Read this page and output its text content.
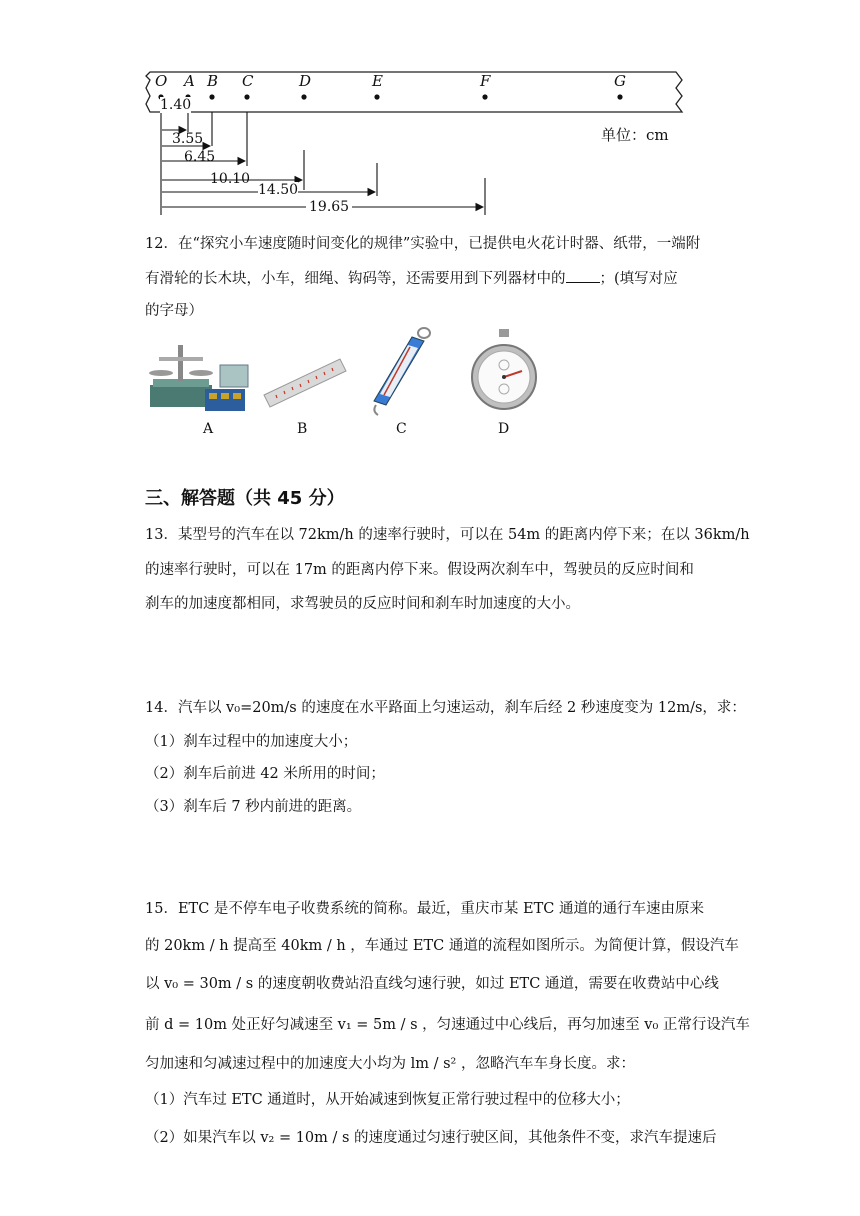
O A B C	D	E	F	G
1.40
3.55
6.45
10.10
14.50
19.65
单位：cm
12．在“探究小车速度随时间变化的规律”实验中，已提供电火花计时器、纸带，一端附
有滑轮的长木块，小车，细绳、钩码等，还需要用到下列器材中的 ；(填写对应
的字母）
A	B	C	D
三、解答题（共 45 分）
13．某型号的汽车在以 72km/h 的速率行驶时，可以在 54m 的距离内停下来；在以 36km/h
的速率行驶时，可以在 17m 的距离内停下来。假设两次刹车中，驾驶员的反应时间和
刹车的加速度都相同，求驾驶员的反应时间和刹车时加速度的大小。
14．汽车以 v₀=20m/s 的速度在水平路面上匀速运动，刹车后经 2 秒速度变为 12m/s，求：
（1）刹车过程中的加速度大小；
（2）刹车后前进 42 米所用的时间；
（3）刹车后 7 秒内前进的距离。
15．ETC 是不停车电子收费系统的简称。最近，重庆市某 ETC 通道的通行车速由原来
的 20km / h 提高至 40km / h ，车通过 ETC 通道的流程如图所示。为简便计算，假设汽车
以 v₀ = 30m / s 的速度朝收费站沿直线匀速行驶，如过 ETC 通道，需要在收费站中心线
前 d = 10m 处正好匀减速至 v₁ = 5m / s ，匀速通过中心线后，再匀加速至 v₀ 正常行设汽车
匀加速和匀减速过程中的加速度大小均为 lm / s² ，忽略汽车车身长度。求：
（1）汽车过 ETC 通道时，从开始减速到恢复正常行驶过程中的位移大小；
（2）如果汽车以 v₂ = 10m / s 的速度通过匀速行驶区间，其他条件不变，求汽车提速后
